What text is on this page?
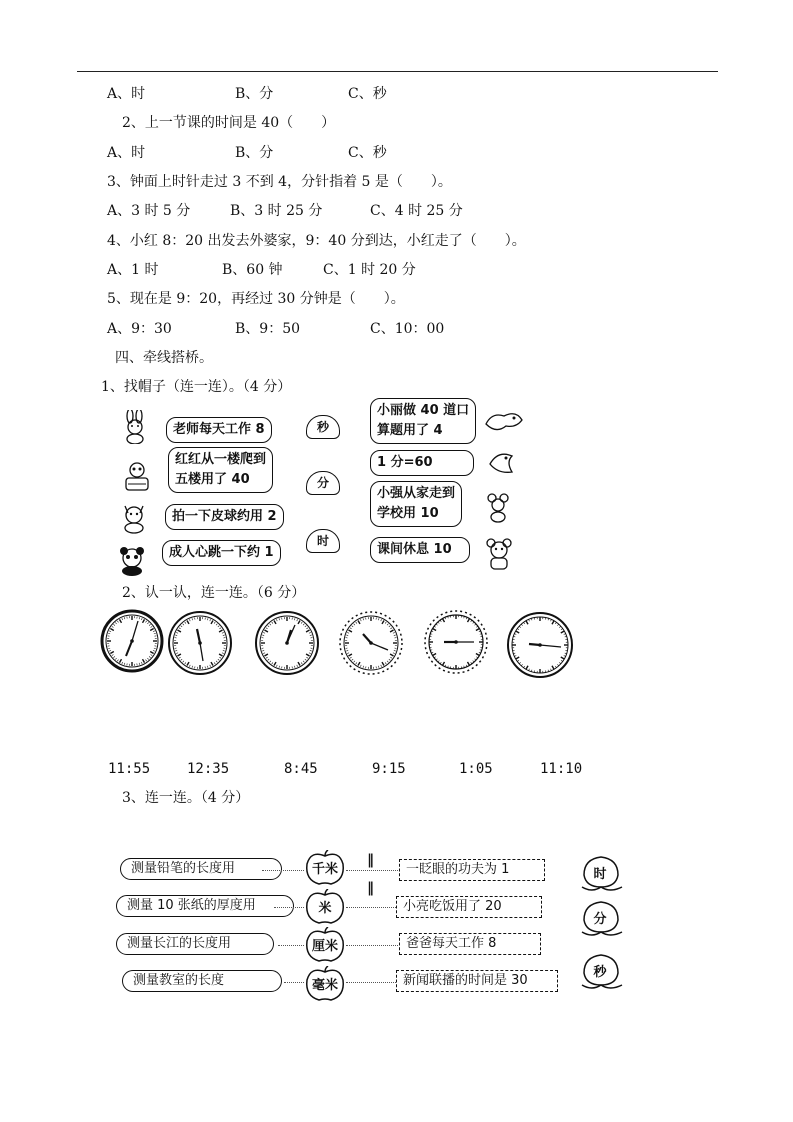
A、时	B、分	C、秒
2、上一节课的时间是 40（　　）
A、时	B、分	C、秒
3、钟面上时针走过 3 不到 4，分针指着 5 是（　　）。
A、3 时 5 分	B、3 时 25 分	C、4 时 25 分
4、小红 8：20 出发去外婆家，9：40 分到达，小红走了（　　）。
A、1 时	B、60 钟	C、1 时 20 分
5、现在是 9：20，再经过 30 分钟是（　　）。
A、9：30	B、9：50	C、10：00
四、牵线搭桥。
1、找帽子（连一连）。（4 分）
老师每天工作 8
红红从一楼爬到
五楼用了 40
拍一下皮球约用 2
成人心跳一下约 1
秒
分
时
小丽做 40 道口
算题用了 4
1 分=60
小强从家走到
学校用 10
课间休息 10
2、认一认，连一连。（6 分）
11:55	12:35	8:45	9:15	1:05	11:10
3、连一连。（4 分）
测量铅笔的长度用
测量 10 张纸的厚度用
测量长江的长度用
测量教室的长度
千米
米
厘米
毫米
‖
‖
一眨眼的功夫为 1
小亮吃饭用了 20
爸爸每天工作 8
新闻联播的时间是 30
时
分
秒
